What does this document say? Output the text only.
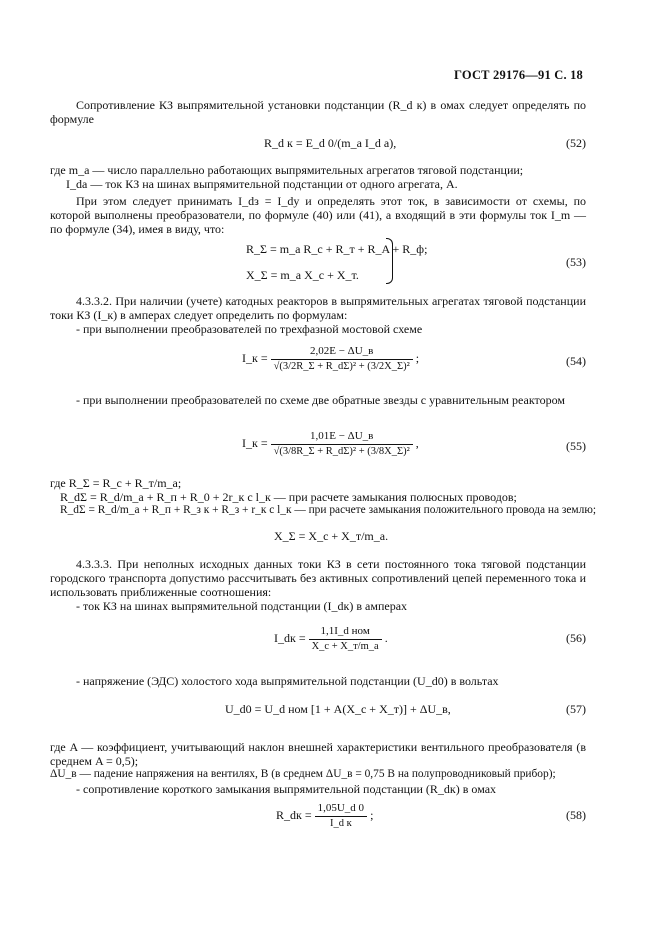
ГОСТ 29176—91 С. 18

Сопротивление КЗ выпрямительной установки подстанции (R_d к) в омах следует определять по формуле

R_d к = E_d 0/(m_a I_d a),	(52)
где m_a — число параллельно работающих выпрямительных агрегатов тяговой подстанции;
I_da — ток КЗ на шинах выпрямительной подстанции от одного агрегата, А.

При этом следует принимать I_dз = I_dу и определять этот ток, в зависимости от схемы, по которой выполнены преобразователи, по формуле (40) или (41), а входящий в эти формулы ток I_m — по формуле (34), имея в виду, что:

R_Σ = m_a R_c + R_т + R_A + R_ф;
X_Σ = m_a X_c + X_т.
(53)

4.3.3.2. При наличии (учете) катодных реакторов в выпрямительных агрегатах тяговой подстанции токи КЗ (I_к) в амперах следует определить по формулам:

- при выполнении преобразователей по трехфазной мостовой схеме
I_к = $\frac{2,02E - \Delta U\_в}{\text{√(3/2R\_Σ + R\_dΣ)² + (3/2X\_Σ)²}}$ ;	(54)

- при выполнении преобразователей по схеме две обратные звезды с уравнительным реактором

I_к = $\frac{1,01E - \Delta U\_в}{\text{√(3/8R\_Σ + R\_dΣ)² + (3/8X\_Σ)²}}$ ,	(55)
где R_Σ = R_c + R_т/m_a;
R_dΣ = R_d/m_a + R_п + R_0 + 2r_к c l_к — при расчете замыкания полюсных проводов;
R_dΣ = R_d/m_a + R_п + R_з к + R_з + r_к c l_к — при расчете замыкания положительного провода на землю;
X_Σ = X_c + X_т/m_a.

4.3.3.3. При неполных исходных данных токи КЗ в сети постоянного тока тяговой подстанции городского транспорта допустимо рассчитывать без активных сопротивлений цепей переменного тока и использовать приближенные соотношения:

- ток КЗ на шинах выпрямительной подстанции (I_dк) в амперах
I_dк = $\frac{\text{1,1I\_d ном}}{X\_c + X\_т/m\_a}$ .	(56)
- напряжение (ЭДС) холостого хода выпрямительной подстанции (U_d0) в вольтах
U_d0 = U_d ном [1 + A(X_c + X_т)] + ΔU_в,	(57)

где A — коэффициент, учитывающий наклон внешней характеристики вентильного преобразователя (в среднем A = 0,5);

ΔU_в — падение напряжения на вентилях, В (в среднем ΔU_в = 0,75 В на полупроводниковый прибор);
- сопротивление короткого замыкания выпрямительной подстанции (R_dк) в омах
R_dк = $\frac{1,05U\_d 0}{\text{I\_d к}}$ ;	(58)
